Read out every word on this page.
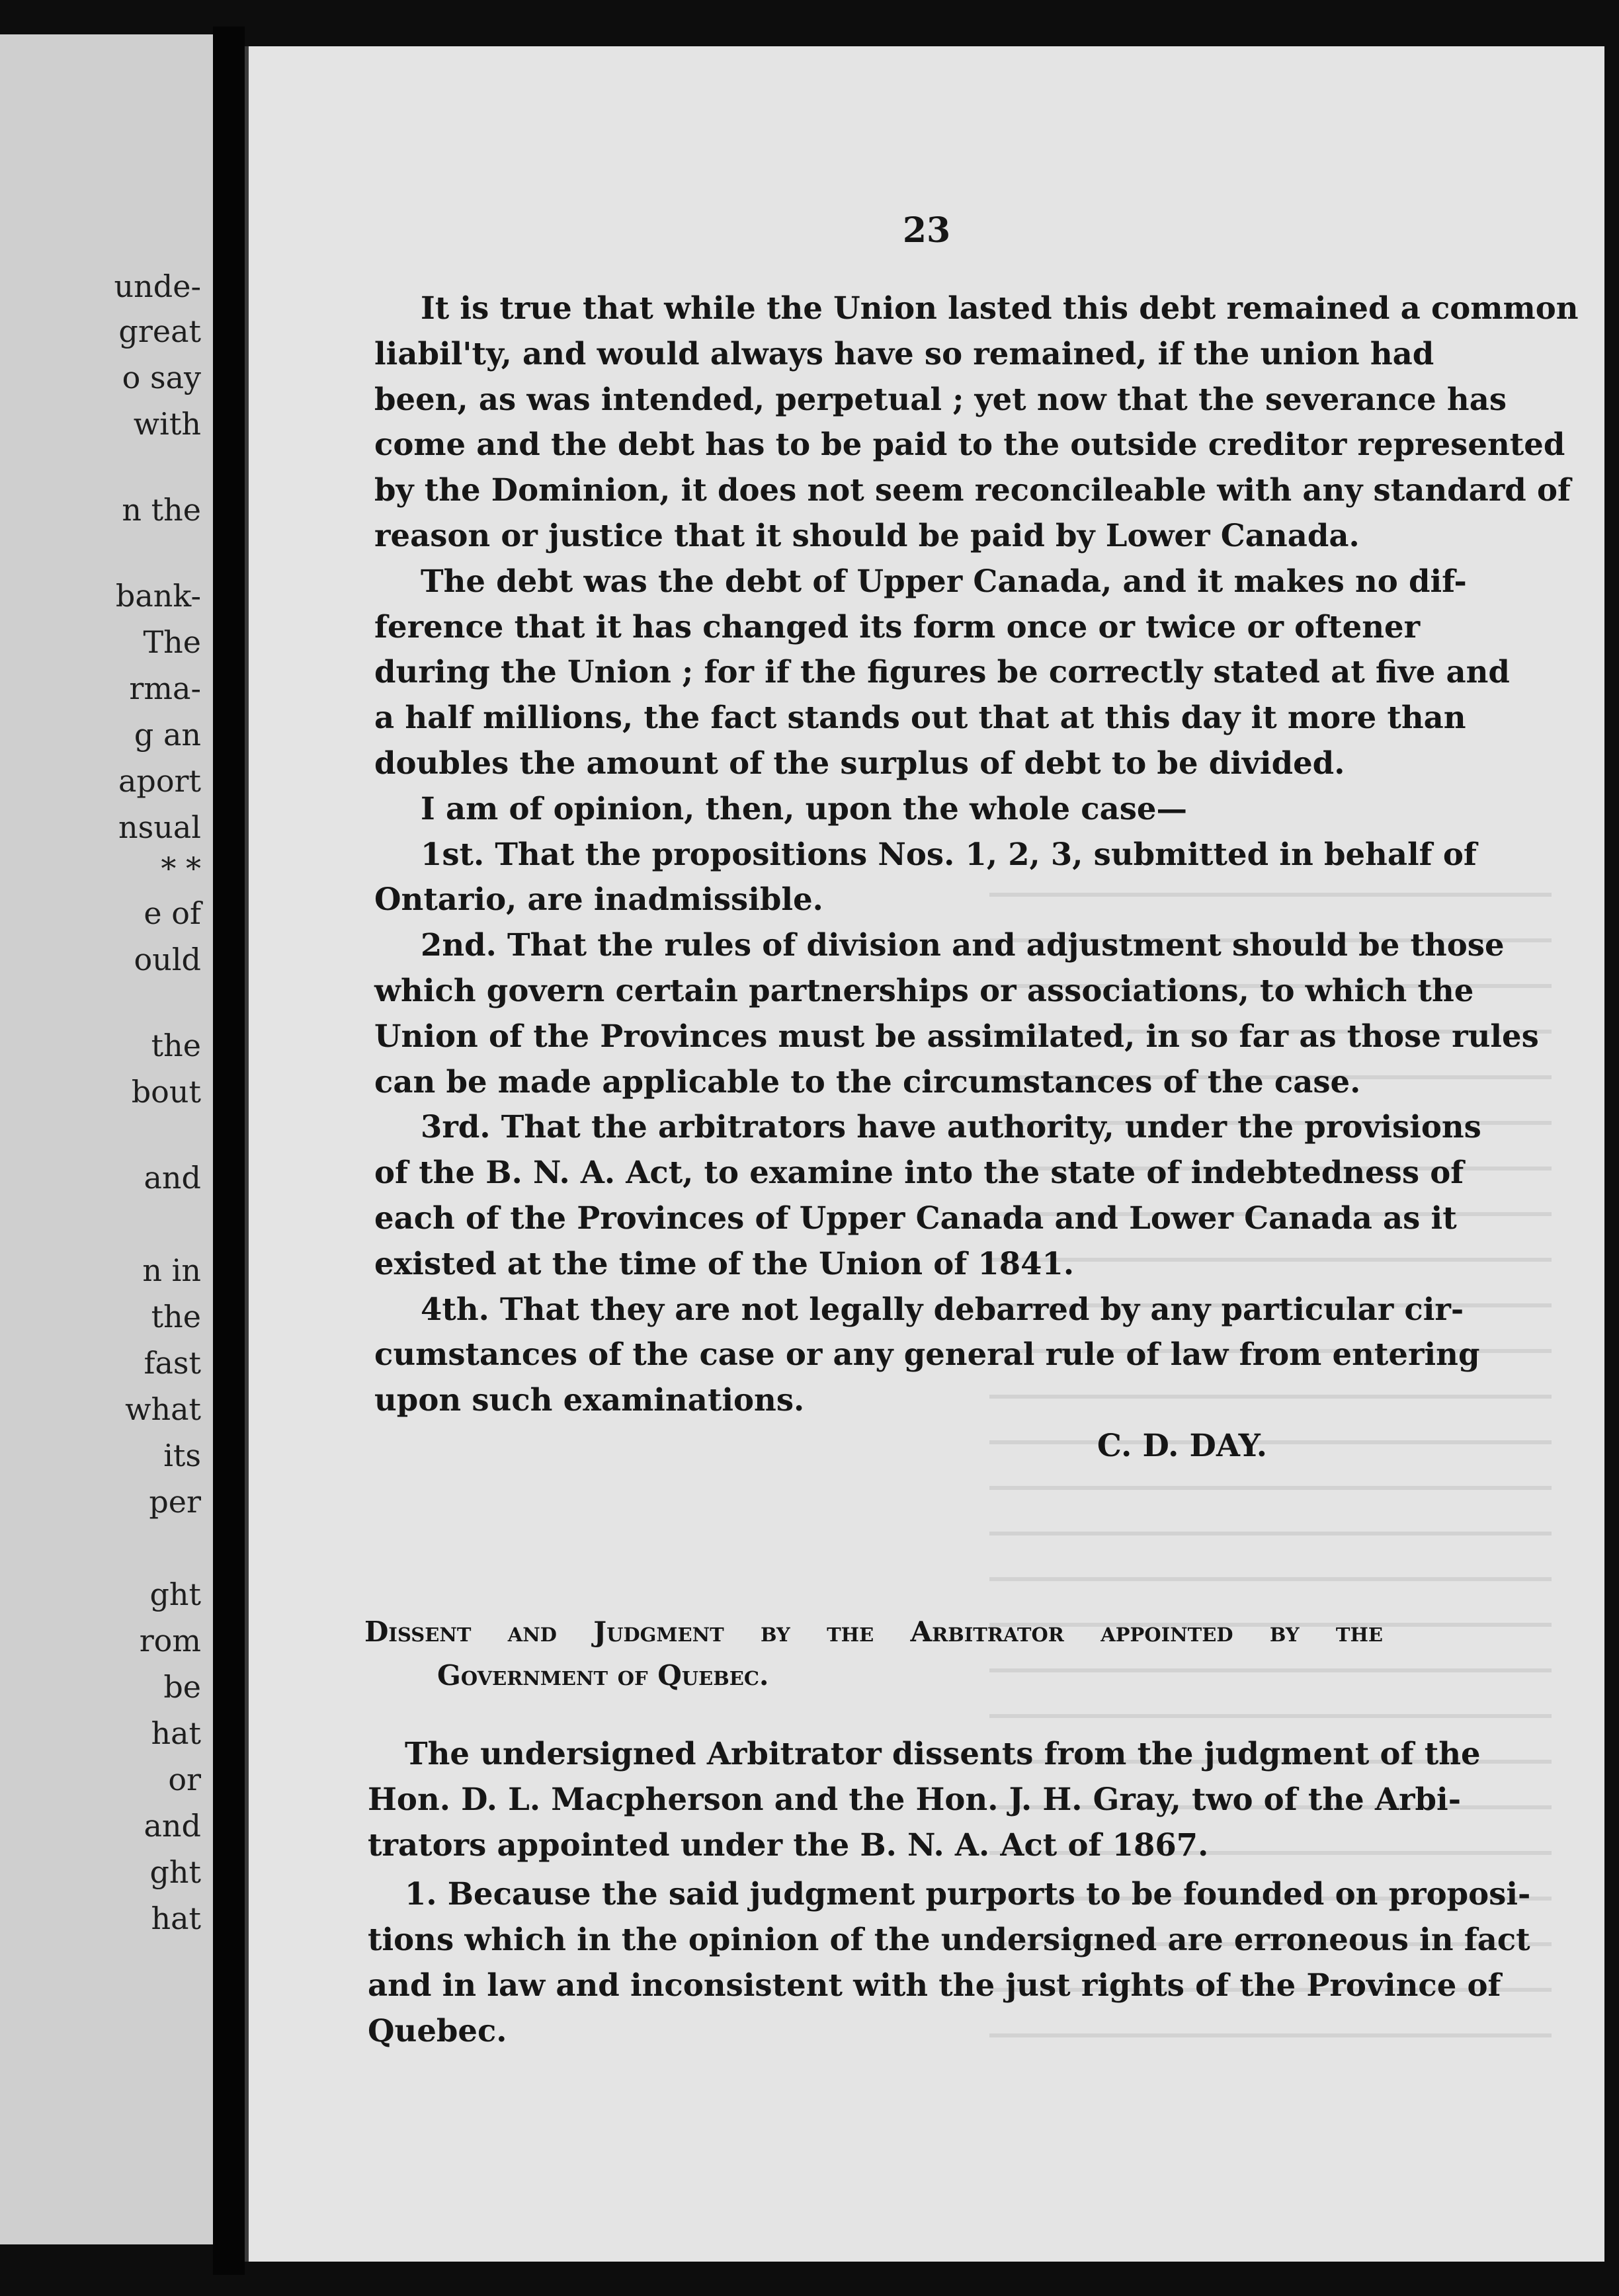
unde-
great
o say
with
n the
bank-
The
rma-
g an
aport
nsual
* *
e of
ould
the
bout
and
n in
the
fast
what
its
per
ght
rom
be
hat
or
and
ght
hat
23
It is true that while the Union lasted this debt remained a common
liabil'ty, and would always have so remained, if the union had
been, as was intended, perpetual ; yet now that the severance has
come and the debt has to be paid to the outside creditor represented
by the Dominion, it does not seem reconcileable with any standard of
reason or justice that it should be paid by Lower Canada.
The debt was the debt of Upper Canada, and it makes no dif-
ference that it has changed its form once or twice or oftener
during the Union ; for if the figures be correctly stated at five and
a half millions, the fact stands out that at this day it more than
doubles the amount of the surplus of debt to be divided.
I am of opinion, then, upon the whole case—
1st. That the propositions Nos. 1, 2, 3, submitted in behalf of
Ontario, are inadmissible.
2nd. That the rules of division and adjustment should be those
which govern certain partnerships or associations, to which the
Union of the Provinces must be assimilated, in so far as those rules
can be made applicable to the circumstances of the case.
3rd. That the arbitrators have authority, under the provisions
of the B. N. A. Act, to examine into the state of indebtedness of
each of the Provinces of Upper Canada and Lower Canada as it
existed at the time of the Union of 1841.
4th. That they are not legally debarred by any particular cir-
cumstances of the case or any general rule of law from entering
upon such examinations.
C. D. DAY.
Dissent and Judgment by the Arbitrator appointed by the
Government of Quebec.
The undersigned Arbitrator dissents from the judgment of the
Hon. D. L. Macpherson and the Hon. J. H. Gray, two of the Arbi-
trators appointed under the B. N. A. Act of 1867.
1. Because the said judgment purports to be founded on proposi-
tions which in the opinion of the undersigned are erroneous in fact
and in law and inconsistent with the just rights of the Province of
Quebec.
